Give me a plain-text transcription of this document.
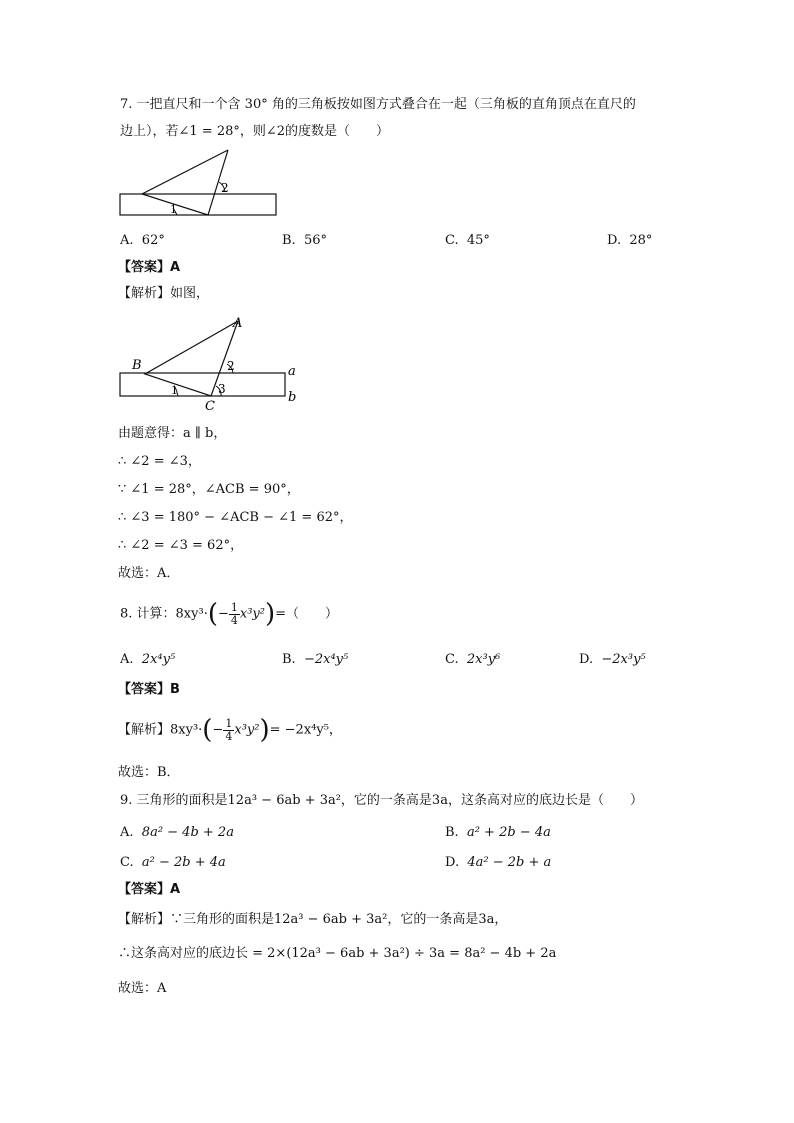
7. 一把直尺和一个含 30° 角的三角板按如图方式叠合在一起（三角板的直角顶点在直尺的
边上），若∠1 = 28°，则∠2的度数是（　　）
1
2
A. 62°	B. 56°	C. 45°	D. 28°
【答案】A
【解析】如图，
A
B
C
a
b
1
2
3
由题意得：a ∥ b，
∴ ∠2 = ∠3，
∵ ∠1 = 28°，∠ACB = 90°，
∴ ∠3 = 180° − ∠ACB − ∠1 = 62°，
∴ ∠2 = ∠3 = 62°，
故选：A．
8. 计算：$8xy^3\cdot(- \frac{1}{4} x^3y^2)=$（　　）
A. 2x⁴y⁵	B. −2x⁴y⁵	C. 2x³y⁶	D. −2x³y⁵
【答案】B
【解析】$8xy^3\cdot(- \frac{1}{4} x^3y^2)= -2x^4y^5$，
故选：B．
9. 三角形的面积是12a³ − 6ab + 3a²，它的一条高是3a，这条高对应的底边长是（　　）
A. 8a² − 4b + 2a	B. a² + 2b − 4a
C. a² − 2b + 4a	D. 4a² − 2b + a
【答案】A
【解析】∵三角形的面积是12a³ − 6ab + 3a²，它的一条高是3a，
∴这条高对应的底边长 = 2×(12a³ − 6ab + 3a²) ÷ 3a = 8a² − 4b + 2a
故选：A
